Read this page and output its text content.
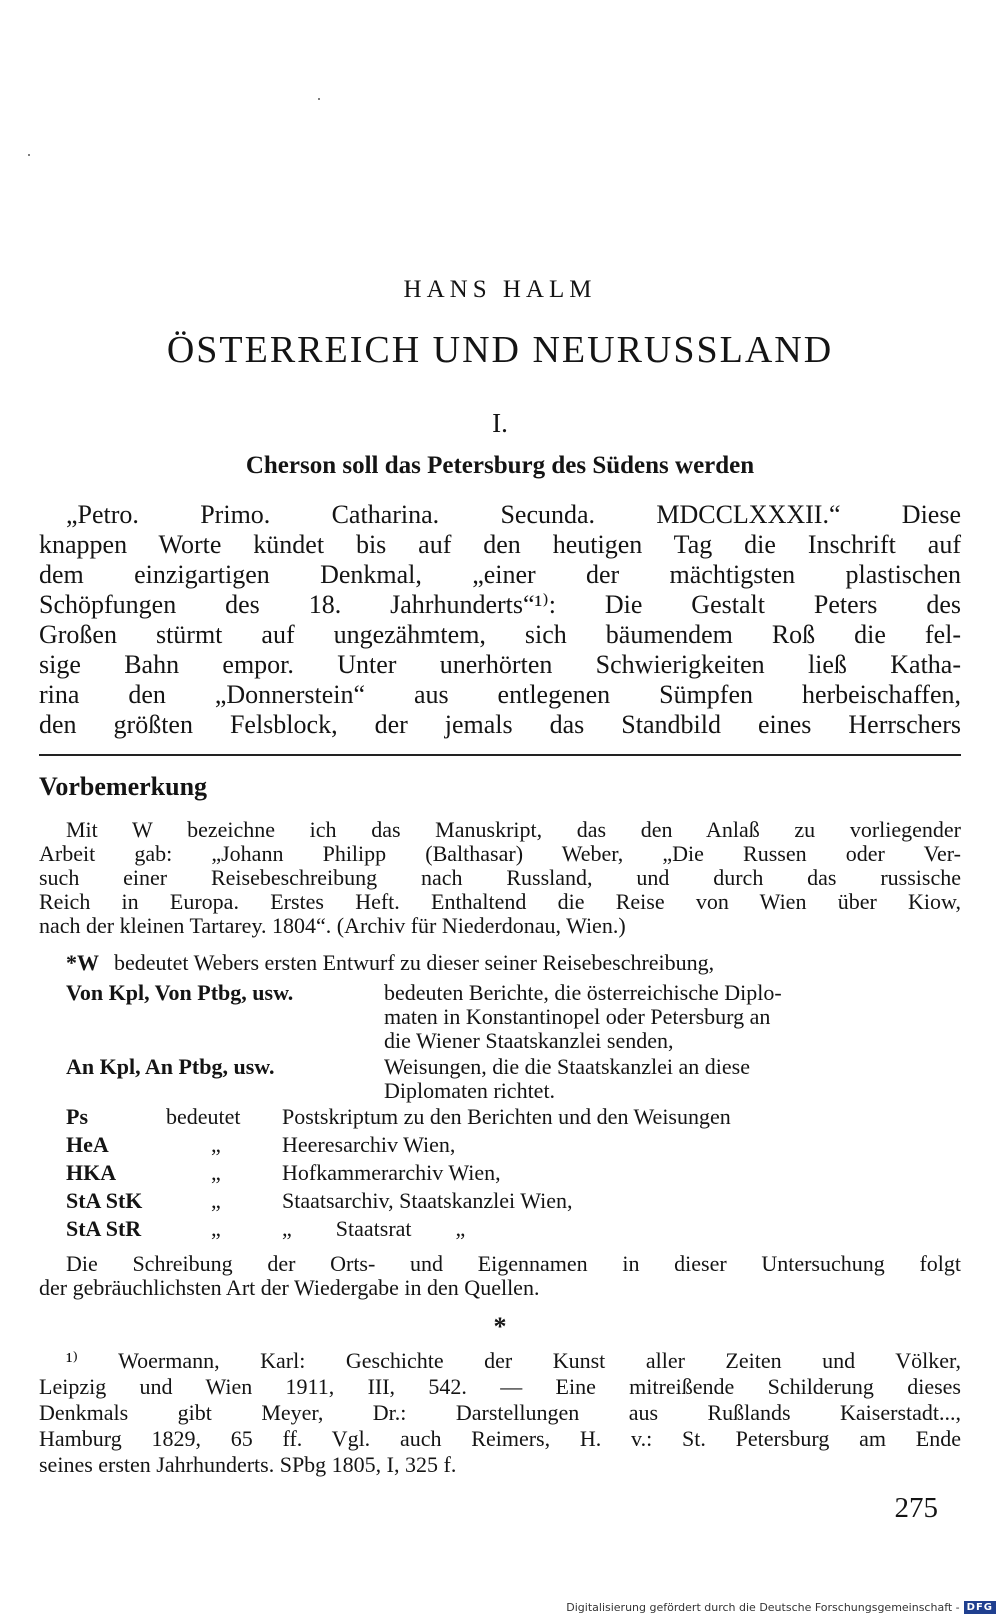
HANS HALM
ÖSTERREICH UND NEURUSSLAND
I.
Cherson soll das Petersburg des Südens werden
„Petro. Primo. Catharina. Secunda. MDCCLXXXII.“ Diese
knappen Worte kündet bis auf den heutigen Tag die Inschrift auf
dem einzigartigen Denkmal, „einer der mächtigsten plastischen
Schöpfungen des 18. Jahrhunderts“¹⁾: Die Gestalt Peters des
Großen stürmt auf ungezähmtem, sich bäumendem Roß die fel-
sige Bahn empor. Unter unerhörten Schwierigkeiten ließ Katha-
rina den „Donnerstein“ aus entlegenen Sümpfen herbeischaffen,
den größten Felsblock, der jemals das Standbild eines Herrschers
Vorbemerkung
Mit W bezeichne ich das Manuskript, das den Anlaß zu vorliegender
Arbeit gab: „Johann Philipp (Balthasar) Weber, „Die Russen oder Ver-
such einer Reisebeschreibung nach Russland, und durch das russische
Reich in Europa. Erstes Heft. Enthaltend die Reise von Wien über Kiow,
nach der kleinen Tartarey. 1804“. (Archiv für Niederdonau, Wien.)
*W bedeutet Webers ersten Entwurf zu dieser seiner Reisebeschreibung,
Von Kpl, Von Ptbg, usw.	bedeuten Berichte, die österreichische Diplo-
maten in Konstantinopel oder Petersburg an
die Wiener Staatskanzlei senden,
An Kpl, An Ptbg, usw.	Weisungen, die die Staatskanzlei an diese
Diplomaten richtet.
Ps	bedeutet Postskriptum zu den Berichten und den Weisungen
HeA	„	Heeresarchiv Wien,
HKA	„	Hofkammerarchiv Wien,
StA StK	„	Staatsarchiv, Staatskanzlei Wien,
StA StR	„	„        Staatsrat        „
Die Schreibung der Orts- und Eigennamen in dieser Untersuchung folgt
der gebräuchlichsten Art der Wiedergabe in den Quellen.
*
¹⁾ Woermann, Karl: Geschichte der Kunst aller Zeiten und Völker,
Leipzig und Wien 1911, III, 542. — Eine mitreißende Schilderung dieses
Denkmals gibt Meyer, Dr.: Darstellungen aus Rußlands Kaiserstadt...,
Hamburg 1829, 65 ff. Vgl. auch Reimers, H. v.: St. Petersburg am Ende
seines ersten Jahrhunderts. SPbg 1805, I, 325 f.
275
Digitalisierung gefördert durch die Deutsche Forschungsgemeinschaft - DFG
